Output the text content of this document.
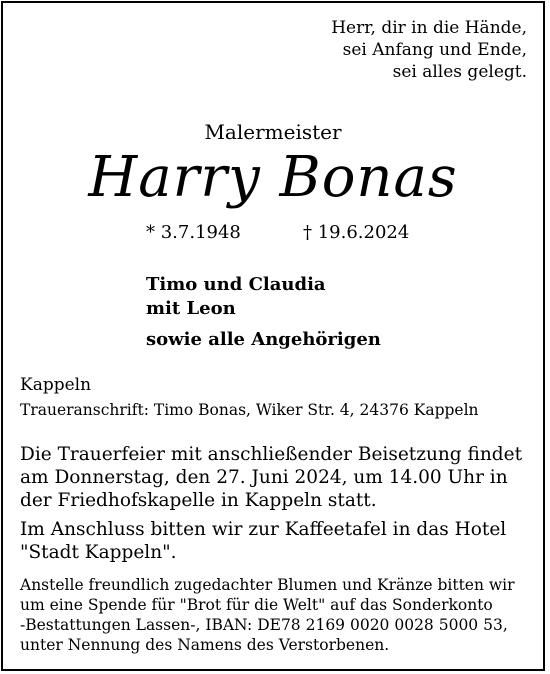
Herr, dir in die Hände,
sei Anfang und Ende,
sei alles gelegt.
Malermeister
Harry Bonas
* 3.7.1948	† 19.6.2024
Timo und Claudia
mit Leon
sowie alle Angehörigen
Kappeln
Traueranschrift: Timo Bonas, Wiker Str. 4, 24376 Kappeln
Die Trauerfeier mit anschließender Beisetzung findet
am Donnerstag, den 27. Juni 2024, um 14.00 Uhr in
der Friedhofskapelle in Kappeln statt.
Im Anschluss bitten wir zur Kaffeetafel in das Hotel
"Stadt Kappeln".
Anstelle freundlich zugedachter Blumen und Kränze bitten wir
um eine Spende für "Brot für die Welt" auf das Sonderkonto
-Bestattungen Lassen-, IBAN: DE78 2169 0020 0028 5000 53,
unter Nennung des Namens des Verstorbenen.
